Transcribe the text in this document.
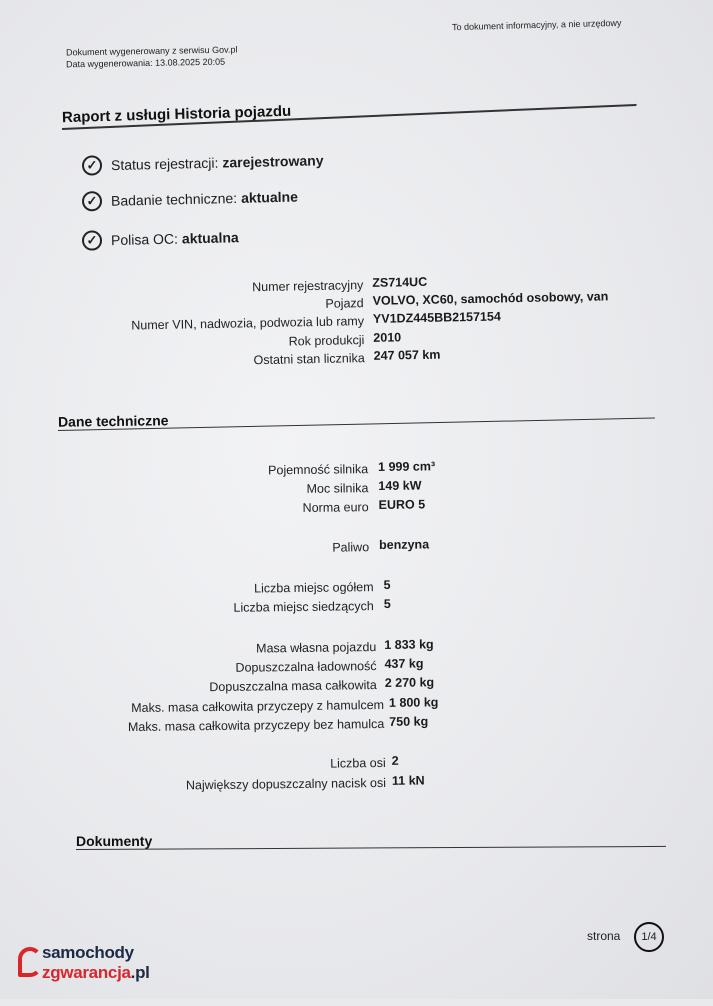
Dokument wygenerowany z serwisu Gov.pl
Data wygenerowania: 13.08.2025 20:05
To dokument informacyjny, a nie urzędowy
Raport z usługi Historia pojazdu
✓ Status rejestracji: zarejestrowany
✓ Badanie techniczne: aktualne
✓ Polisa OC: aktualna
Numer rejestracyjny ZS714UC
Pojazd VOLVO, XC60, samochód osobowy, van
Numer VIN, nadwozia, podwozia lub ramy YV1DZ445BB2157154
Rok produkcji 2010
Ostatni stan licznika 247 057 km
Dane techniczne
Pojemność silnika 1 999 cm³
Moc silnika 149 kW
Norma euro EURO 5
Paliwo benzyna
Liczba miejsc ogółem 5
Liczba miejsc siedzących 5
Masa własna pojazdu 1 833 kg
Dopuszczalna ładowność 437 kg
Dopuszczalna masa całkowita 2 270 kg
Maks. masa całkowita przyczepy z hamulcem 1 800 kg
Maks. masa całkowita przyczepy bez hamulca 750 kg
Liczba osi 2
Największy dopuszczalny nacisk osi 11 kN
Dokumenty
strona 1/4
samochody
zgwarancja.pl
